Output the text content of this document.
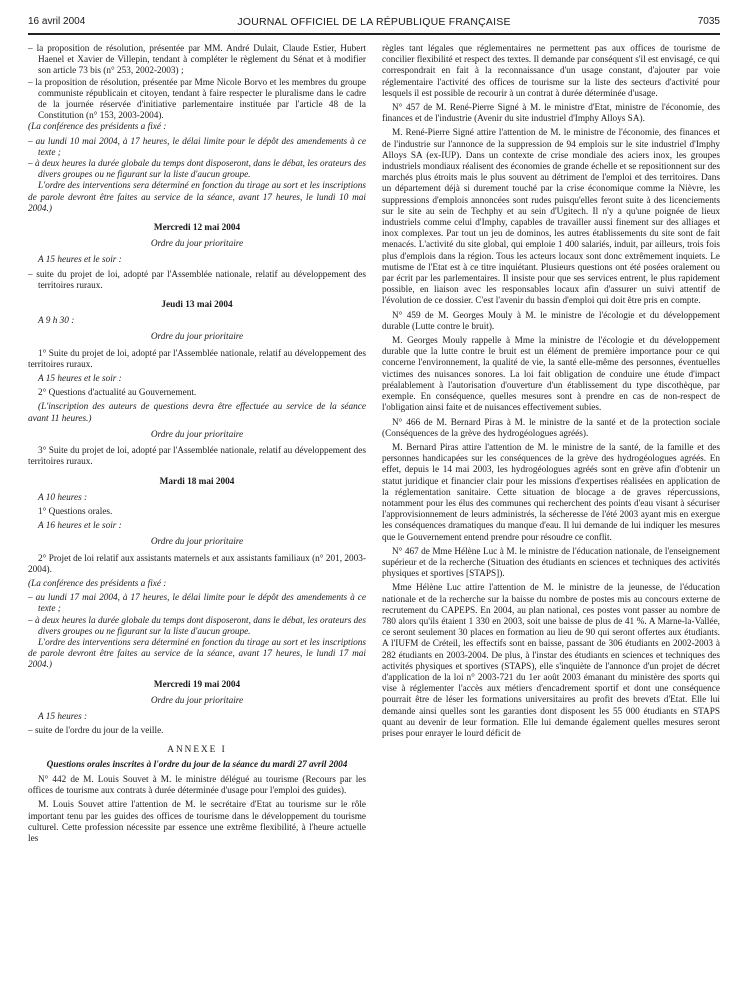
16 avril 2004	JOURNAL OFFICIEL DE LA RÉPUBLIQUE FRANÇAISE	7035

– la proposition de résolution, présentée par MM. André Dulait, Claude Estier, Hubert Haenel et Xavier de Villepin, tendant à compléter le règlement du Sénat et à modifier son article 73 bis (n° 253, 2002-2003) ;

– la proposition de résolution, présentée par Mme Nicole Borvo et les membres du groupe communiste républicain et citoyen, tendant à faire respecter le pluralisme dans le cadre de la journée réservée d'initiative parlementaire instituée par l'article 48 de la Constitution (n° 153, 2003-2004).

(La conférence des présidents a fixé :

– au lundi 10 mai 2004, à 17 heures, le délai limite pour le dépôt des amendements à ce texte ;

– à deux heures la durée globale du temps dont disposeront, dans le débat, les orateurs des divers groupes ou ne figurant sur la liste d'aucun groupe.

L'ordre des interventions sera déterminé en fonction du tirage au sort et les inscriptions de parole devront être faites au service de la séance, avant 17 heures, le lundi 10 mai 2004.)

Mercredi 12 mai 2004
Ordre du jour prioritaire

A 15 heures et le soir :

– suite du projet de loi, adopté par l'Assemblée nationale, relatif au développement des territoires ruraux.

Jeudi 13 mai 2004

A 9 h 30 :

Ordre du jour prioritaire

1° Suite du projet de loi, adopté par l'Assemblée nationale, relatif au développement des territoires ruraux.

A 15 heures et le soir :

2° Questions d'actualité au Gouvernement.

(L'inscription des auteurs de questions devra être effectuée au service de la séance avant 11 heures.)

Ordre du jour prioritaire

3° Suite du projet de loi, adopté par l'Assemblée nationale, relatif au développement des territoires ruraux.

Mardi 18 mai 2004

A 10 heures :

1° Questions orales.

A 16 heures et le soir :

Ordre du jour prioritaire

2° Projet de loi relatif aux assistants maternels et aux assistants familiaux (n° 201, 2003-2004).

(La conférence des présidents a fixé :

– au lundi 17 mai 2004, à 17 heures, le délai limite pour le dépôt des amendements à ce texte ;

– à deux heures la durée globale du temps dont disposeront, dans le débat, les orateurs des divers groupes ou ne figurant sur la liste d'aucun groupe.

L'ordre des interventions sera déterminé en fonction du tirage au sort et les inscriptions de parole devront être faites au service de la séance, avant 17 heures, le lundi 17 mai 2004.)

Mercredi 19 mai 2004
Ordre du jour prioritaire

A 15 heures :

– suite de l'ordre du jour de la veille.

ANNEXE I
Questions orales inscrites à l'ordre du jour de la séance du mardi 27 avril 2004

N° 442 de M. Louis Souvet à M. le ministre délégué au tourisme (Recours par les offices de tourisme aux contrats à durée déterminée d'usage pour l'emploi des guides).

M. Louis Souvet attire l'attention de M. le secrétaire d'Etat au tourisme sur le rôle important tenu par les guides des offices de tourisme dans le développement du tourisme culturel. Cette profession nécessite par essence une extrême flexibilité, à l'heure actuelle les

règles tant légales que réglementaires ne permettent pas aux offices de tourisme de concilier flexibilité et respect des textes. Il demande par conséquent s'il est envisagé, ce qui correspondrait en fait à la reconnaissance d'un usage constant, d'ajouter par voie réglementaire l'activité des offices de tourisme sur la liste des secteurs d'activité pour lesquels il est possible de recourir à un contrat à durée déterminée d'usage.

N° 457 de M. René-Pierre Signé à M. le ministre d'Etat, ministre de l'économie, des finances et de l'industrie (Avenir du site industriel d'Imphy Alloys SA).

M. René-Pierre Signé attire l'attention de M. le ministre de l'économie, des finances et de l'industrie sur l'annonce de la suppression de 94 emplois sur le site industriel d'Imphy Alloys SA (ex-IUP). Dans un contexte de crise mondiale des aciers inox, les groupes industriels mondiaux réalisent des économies de grande échelle et se repositionnent sur des marchés plus étroits mais le plus souvent au détriment de l'emploi et des territoires. Dans un département déjà si durement touché par la crise économique comme la Nièvre, les suppressions d'emplois annoncées sont rudes puisqu'elles feront suite à des licenciements sur le site au sein de Techphy et au sein d'Ugitech. Il n'y a qu'une poignée de lieux industriels comme celui d'Imphy, capables de travailler aussi finement sur des alliages et inox complexes. Par tout un jeu de dominos, les autres établissements du site sont de fait menacés. L'activité du site global, qui emploie 1 400 salariés, induit, par ailleurs, trois fois plus d'emplois dans la région. Tous les acteurs locaux sont donc extrêmement inquiets. Le mutisme de l'Etat est à ce titre inquiétant. Plusieurs questions ont été posées oralement ou par écrit par les parlementaires. Il insiste pour que ses services entrent, le plus rapidement possible, en liaison avec les responsables locaux afin d'assurer un suivi attentif de l'évolution de ce dossier. C'est l'avenir du bassin d'emploi qui doit être pris en compte.

N° 459 de M. Georges Mouly à M. le ministre de l'écologie et du développement durable (Lutte contre le bruit).

M. Georges Mouly rappelle à Mme la ministre de l'écologie et du développement durable que la lutte contre le bruit est un élément de première importance pour ce qui concerne l'environnement, la qualité de vie, la santé elle-même des personnes, éventuelles victimes des nuisances sonores. La loi fait obligation de conduire une étude d'impact préalablement à l'autorisation d'ouverture d'un établissement du type discothèque, par exemple. En conséquence, quelles mesures sont à prendre en cas de non-respect de l'obligation ainsi faite et de nuisances effectivement subies.

N° 466 de M. Bernard Piras à M. le ministre de la santé et de la protection sociale (Conséquences de la grève des hydrogéologues agréés).

M. Bernard Piras attire l'attention de M. le ministre de la santé, de la famille et des personnes handicapées sur les conséquences de la grève des hydrogéologues agréés. En effet, depuis le 14 mai 2003, les hydrogéologues agréés sont en grève afin d'obtenir un statut juridique et financier clair pour les missions d'expertises réalisées en application de la réglementation sanitaire. Cette situation de blocage a de graves répercussions, notamment pour les élus des communes qui recherchent des points d'eau visant à sécuriser l'approvisionnement de leurs administrés, la sécheresse de l'été 2003 ayant mis en exergue les conséquences dramatiques du manque d'eau. Il lui demande de lui indiquer les mesures que le Gouvernement entend prendre pour résoudre ce conflit.

N° 467 de Mme Hélène Luc à M. le ministre de l'éducation nationale, de l'enseignement supérieur et de la recherche (Situation des étudiants en sciences et techniques des activités physiques et sportives [STAPS]).

Mme Hélène Luc attire l'attention de M. le ministre de la jeunesse, de l'éducation nationale et de la recherche sur la baisse du nombre de postes mis au concours externe de recrutement du CAPEPS. En 2004, au plan national, ces postes vont passer au nombre de 780 alors qu'ils étaient 1 330 en 2003, soit une baisse de plus de 41 %. A Marne-la-Vallée, ce seront seulement 30 places en formation au lieu de 90 qui seront offertes aux étudiants. A l'IUFM de Créteil, les effectifs sont en baisse, passant de 306 étudiants en 2002-2003 à 282 étudiants en 2003-2004. De plus, à l'instar des étudiants en sciences et techniques des activités physiques et sportives (STAPS), elle s'inquiète de l'annonce d'un projet de décret d'application de la loi n° 2003-721 du 1er août 2003 émanant du ministère des sports qui vise à réglementer l'accès aux métiers d'encadrement sportif et dont une conséquence pourrait être de léser les formations universitaires au profit des brevets d'Etat. Elle lui demande ainsi quelles sont les garanties dont disposent les 55 000 étudiants en STAPS quant au devenir de leur formation. Elle lui demande également quelles mesures seront prises pour enrayer le lourd déficit de
